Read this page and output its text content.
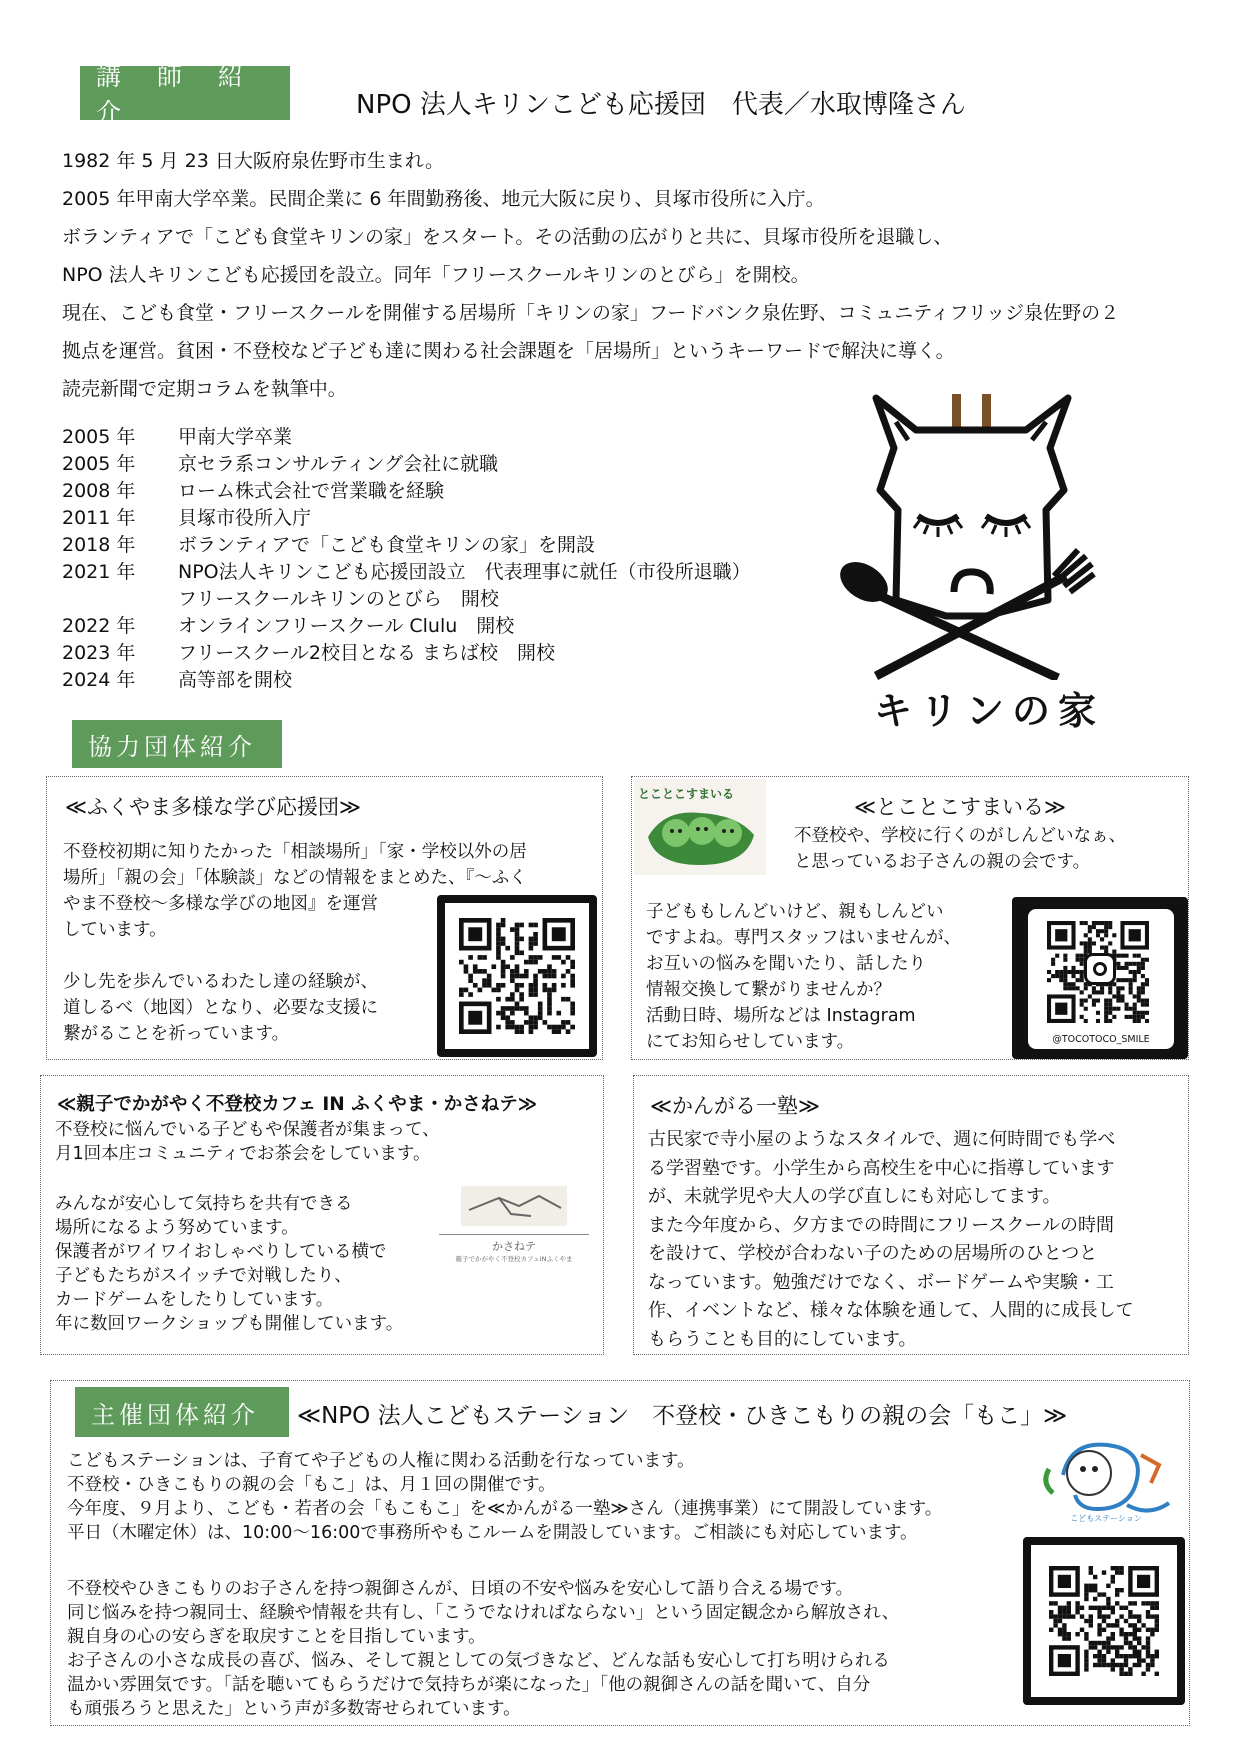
講 師 紹 介	NPO 法人キリンこども応援団　代表／水取博隆さん

1982 年 5 月 23 日大阪府泉佐野市生まれ。

2005 年甲南大学卒業。民間企業に 6 年間勤務後、地元大阪に戻り、貝塚市役所に入庁。

ボランティアで「こども食堂キリンの家」をスタート。その活動の広がりと共に、貝塚市役所を退職し、

NPO 法人キリンこども応援団を設立。同年「フリースクールキリンのとびら」を開校。

現在、こども食堂・フリースクールを開催する居場所「キリンの家」フードバンク泉佐野、コミュニティフリッジ泉佐野の２

拠点を運営。貧困・不登校など子ども達に関わる社会課題を「居場所」というキーワードで解決に導く。

読売新聞で定期コラムを執筆中。

2005 年	甲南大学卒業
2005 年	京セラ系コンサルティング会社に就職
2008 年	ローム株式会社で営業職を経験
2011 年	貝塚市役所入庁
2018 年	ボランティアで「こども食堂キリンの家」を開設
2021 年	NPO法人キリンこども応援団設立　代表理事に就任（市役所退職）
フリースクールキリンのとびら　開校
2022 年	オンラインフリースクール Clulu　開校
2023 年	フリースクール2校目となる まちば校　開校
2024 年	高等部を開校
キリンの家
協力団体紹介
≪ふくやま多様な学び応援団≫

不登校初期に知りたかった「相談場所」「家・学校以外の居

場所」「親の会」「体験談」などの情報をまとめた、『～ふく

やま不登校～多様な学びの地図』を運営

しています。

少し先を歩んでいるわたし達の経験が、

道しるべ（地図）となり、必要な支援に

繋がることを祈っています。

とことこすまいる
≪とことこすまいる≫

不登校や、学校に行くのがしんどいなぁ、

と思っているお子さんの親の会です。

子どももしんどいけど、親もしんどい

ですよね。専門スタッフはいませんが、

お互いの悩みを聞いたり、話したり

情報交換して繋がりませんか？

活動日時、場所などは Instagram

にてお知らせしています。	@TOCOTOCO_SMILE
≪親子でかがやく不登校カフェ IN ふくやま・かさねテ≫

不登校に悩んでいる子どもや保護者が集まって、

月1回本庄コミュニティでお茶会をしています。

みんなが安心して気持ちを共有できる

場所になるよう努めています。

保護者がワイワイおしゃべりしている横で

子どもたちがスイッチで対戦したり、

カードゲームをしたりしています。

年に数回ワークショップも開催しています。

かさねテ
親子でかがやく不登校カフェINふくやま
≪かんがる一塾≫

古民家で寺小屋のようなスタイルで、週に何時間でも学べ

る学習塾です。小学生から高校生を中心に指導しています

が、未就学児や大人の学び直しにも対応してます。

また今年度から、夕方までの時間にフリースクールの時間

を設けて、学校が合わない子のための居場所のひとつと

なっています。勉強だけでなく、ボードゲームや実験・工

作、イベントなど、様々な体験を通して、人間的に成長して

もらうことも目的にしています。

主催団体紹介	≪NPO 法人こどもステーション　不登校・ひきこもりの親の会「もこ」≫

こどもステーションは、子育てや子どもの人権に関わる活動を行なっています。

不登校・ひきこもりの親の会「もこ」は、月１回の開催です。

今年度、９月より、こども・若者の会「もこもこ」を≪かんがる一塾≫さん（連携事業）にて開設しています。

平日（木曜定休）は、10:00～16:00で事務所やもこルームを開設しています。ご相談にも対応しています。

不登校やひきこもりのお子さんを持つ親御さんが、日頃の不安や悩みを安心して語り合える場です。

同じ悩みを持つ親同士、経験や情報を共有し、「こうでなければならない」という固定観念から解放され、

親自身の心の安らぎを取戻すことを目指しています。

お子さんの小さな成長の喜び、悩み、そして親としての気づきなど、どんな話も安心して打ち明けられる

温かい雰囲気です。「話を聴いてもらうだけで気持ちが楽になった」「他の親御さんの話を聞いて、自分

も頑張ろうと思えた」という声が多数寄せられています。

こどもステーション
